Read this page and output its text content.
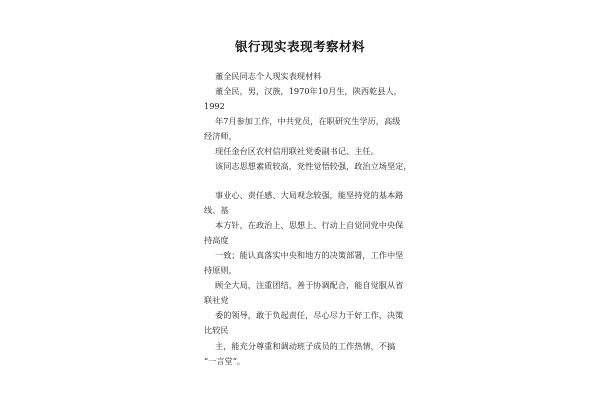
银行现实表现考察材料
董全民同志个人现实表现材料
董全民，男，汉族，1970年10月生，陕西乾县人，
1992
年7月参加工作，中共党员，在职研究生学历，高级
经济师，
现任金台区农村信用联社党委副书记、主任。
该同志思想素质较高，党性觉悟较强，政治立场坚定，
事业心、责任感、大局观念较强，能坚持党的基本路
线、基
本方针，在政治上、思想上、行动上自觉同党中央保
持高度
一致；能认真落实中央和地方的决策部署，工作中坚
持原则，
顾全大局，注重团结，善于协调配合，能自觉服从省
联社党
委的领导，敢于负起责任，尽心尽力干好工作，决策
比较民
主，能充分尊重和调动班子成员的工作热情，不搞
“一言堂”。
